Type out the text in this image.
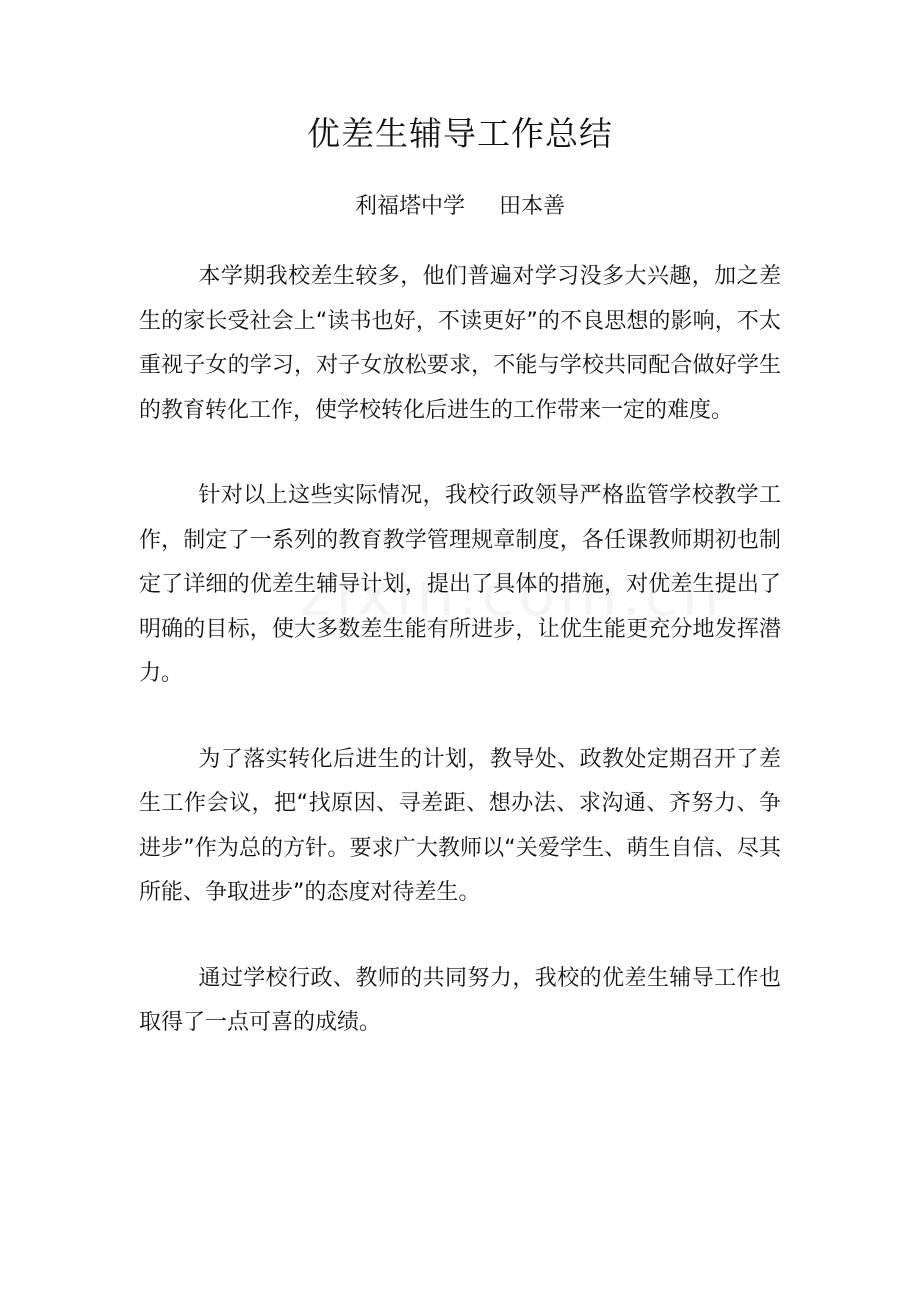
优差生辅导工作总结
利福塔中学 田本善

本学期我校差生较多，他们普遍对学习没多大兴趣，加之差生的家长受社会上“读书也好，不读更好”的不良思想的影响，不太重视子女的学习，对子女放松要求，不能与学校共同配合做好学生的教育转化工作，使学校转化后进生的工作带来一定的难度。

针对以上这些实际情况，我校行政领导严格监管学校教学工作，制定了一系列的教育教学管理规章制度，各任课教师期初也制定了详细的优差生辅导计划，提出了具体的措施，对优差生提出了明确的目标，使大多数差生能有所进步，让优生能更充分地发挥潜力。

为了落实转化后进生的计划，教导处、政教处定期召开了差生工作会议，把“找原因、寻差距、想办法、求沟通、齐努力、争进步”作为总的方针。要求广大教师以“关爱学生、萌生自信、尽其所能、争取进步”的态度对待差生。

通过学校行政、教师的共同努力，我校的优差生辅导工作也取得了一点可喜的成绩。
